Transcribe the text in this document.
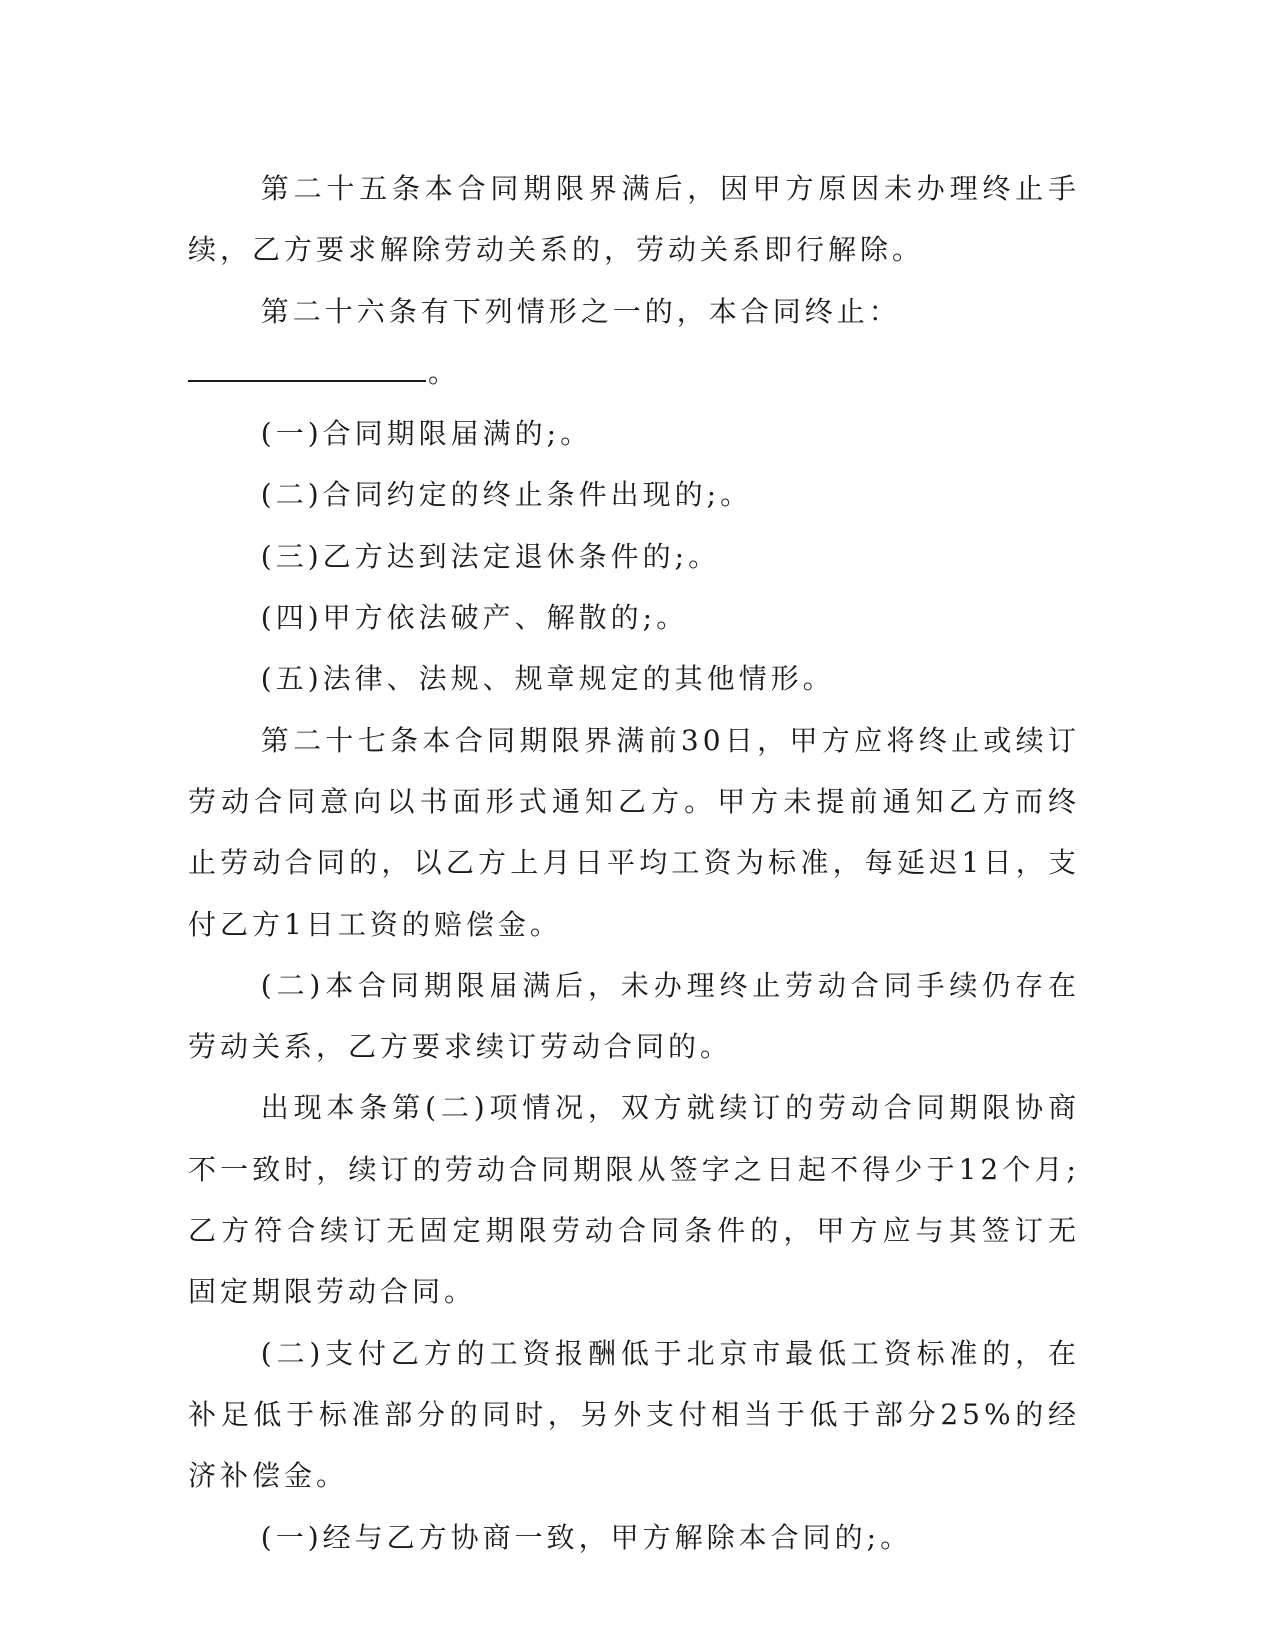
第二十五条本合同期限界满后，因甲方原因未办理终止手续，乙方要求解除劳动关系的，劳动关系即行解除。

第二十六条有下列情形之一的，本合同终止：

。

(一)合同期限届满的;。

(二)合同约定的终止条件出现的;。

(三)乙方达到法定退休条件的;。

(四)甲方依法破产、解散的;。

(五)法律、法规、规章规定的其他情形。

第二十七条本合同期限界满前30日，甲方应将终止或续订劳动合同意向以书面形式通知乙方。甲方未提前通知乙方而终止劳动合同的，以乙方上月日平均工资为标准，每延迟1日，支付乙方1日工资的赔偿金。

(二)本合同期限届满后，未办理终止劳动合同手续仍存在劳动关系，乙方要求续订劳动合同的。

出现本条第(二)项情况，双方就续订的劳动合同期限协商不一致时，续订的劳动合同期限从签字之日起不得少于12个月;乙方符合续订无固定期限劳动合同条件的，甲方应与其签订无固定期限劳动合同。

(二)支付乙方的工资报酬低于北京市最低工资标准的，在补足低于标准部分的同时，另外支付相当于低于部分25%的经济补偿金。

(一)经与乙方协商一致，甲方解除本合同的;。
